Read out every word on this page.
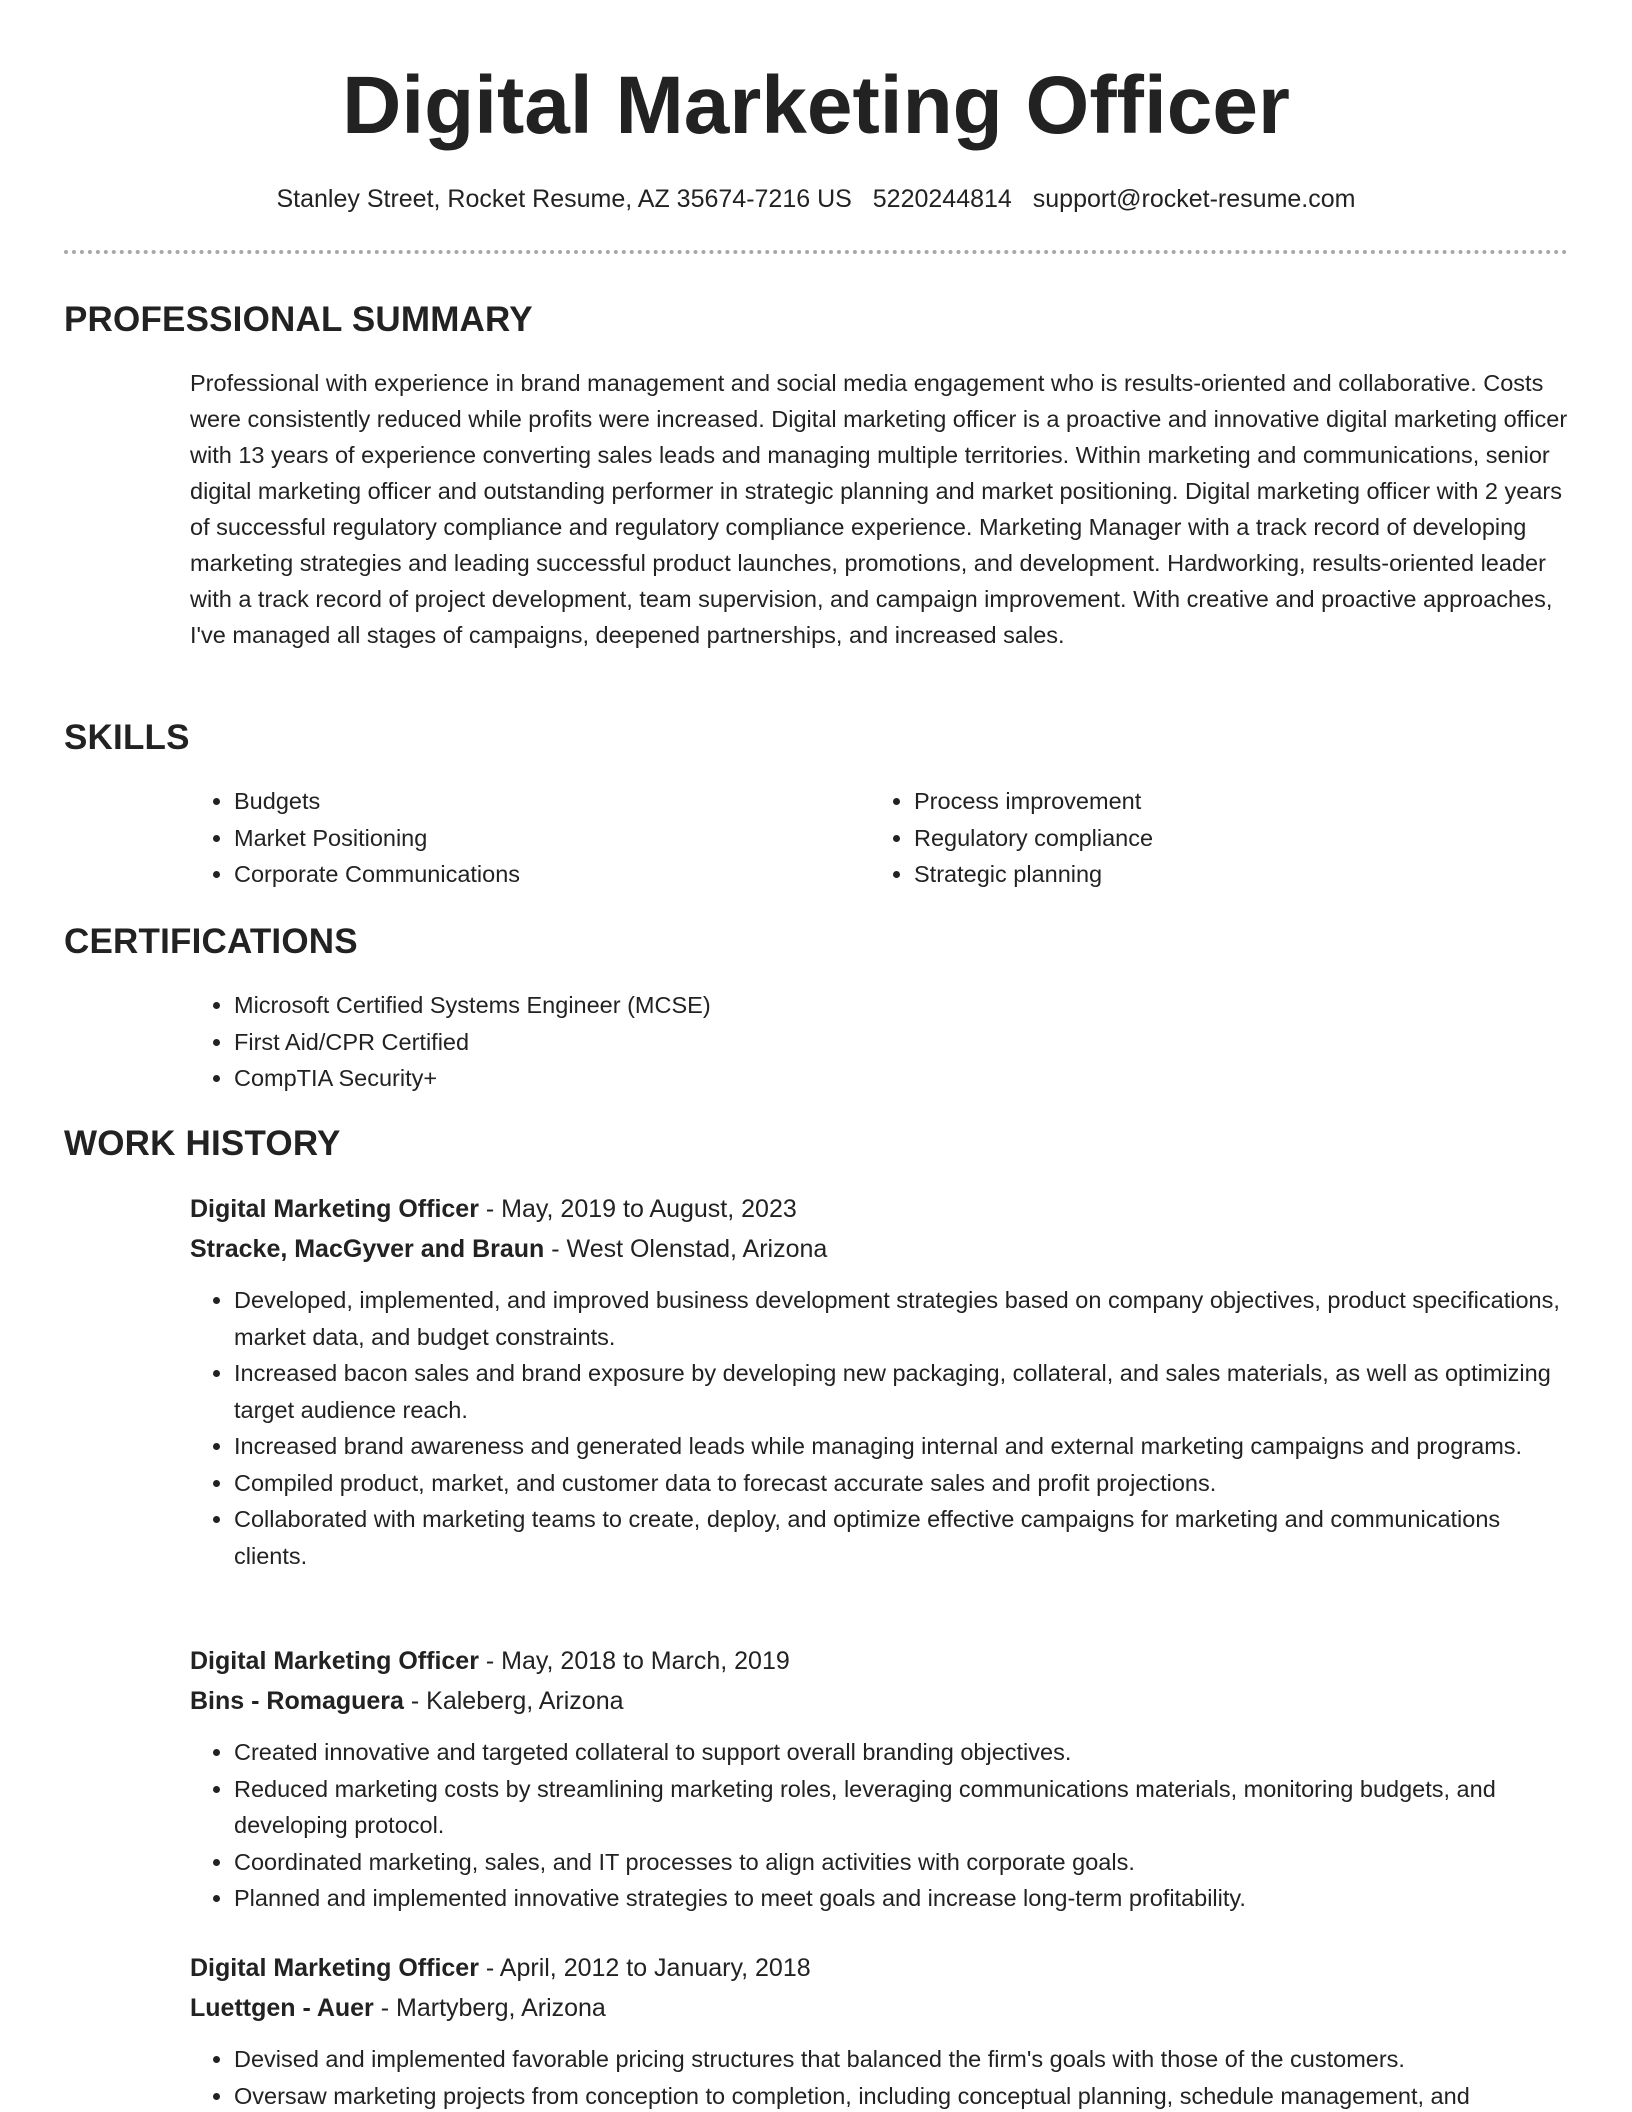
Digital Marketing Officer
Stanley Street, Rocket Resume, AZ 35674-7216 US 5220244814 support@rocket-resume.com
PROFESSIONAL SUMMARY

Professional with experience in brand management and social media engagement who is results-oriented and collaborative. Costs were consistently reduced while profits were increased. Digital marketing officer is a proactive and innovative digital marketing officer with 13 years of experience converting sales leads and managing multiple territories. Within marketing and communications, senior digital marketing officer and outstanding performer in strategic planning and market positioning. Digital marketing officer with 2 years of successful regulatory compliance and regulatory compliance experience. Marketing Manager with a track record of developing marketing strategies and leading successful product launches, promotions, and development. Hardworking, results-oriented leader with a track record of project development, team supervision, and campaign improvement. With creative and proactive approaches, I've managed all stages of campaigns, deepened partnerships, and increased sales.

SKILLS
• Budgets
• Market Positioning
• Corporate Communications
• Process improvement
• Regulatory compliance
• Strategic planning
CERTIFICATIONS
• Microsoft Certified Systems Engineer (MCSE)
• First Aid/CPR Certified
• CompTIA Security+
WORK HISTORY

Digital Marketing Officer - May, 2019 to August, 2023

Stracke, MacGyver and Braun - West Olenstad, Arizona

• Developed, implemented, and improved business development strategies based on company objectives, product specifications, market data, and budget constraints.
• Increased bacon sales and brand exposure by developing new packaging, collateral, and sales materials, as well as optimizing target audience reach.
• Increased brand awareness and generated leads while managing internal and external marketing campaigns and programs.
• Compiled product, market, and customer data to forecast accurate sales and profit projections.
• Collaborated with marketing teams to create, deploy, and optimize effective campaigns for marketing and communications clients.

Digital Marketing Officer - May, 2018 to March, 2019

Bins - Romaguera - Kaleberg, Arizona

• Created innovative and targeted collateral to support overall branding objectives.
• Reduced marketing costs by streamlining marketing roles, leveraging communications materials, monitoring budgets, and developing protocol.
• Coordinated marketing, sales, and IT processes to align activities with corporate goals.
• Planned and implemented innovative strategies to meet goals and increase long-term profitability.

Digital Marketing Officer - April, 2012 to January, 2018

Luettgen - Auer - Martyberg, Arizona

• Devised and implemented favorable pricing structures that balanced the firm's goals with those of the customers.
• Oversaw marketing projects from conception to completion, including conceptual planning, schedule management, and
